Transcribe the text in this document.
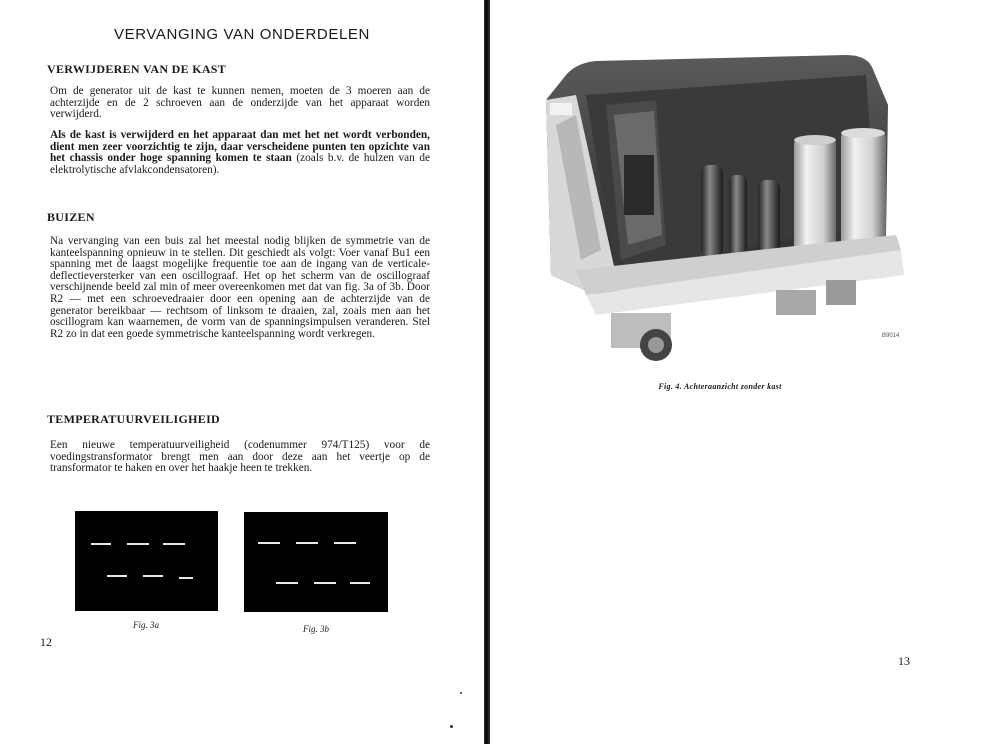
VERVANGING VAN ONDERDELEN
VERWIJDEREN VAN DE KAST
Om de generator uit de kast te kunnen nemen, moeten de 3 moeren aan de achterzijde en de 2 schroeven aan de onderzijde van het apparaat worden verwijderd.
Als de kast is verwijderd en het apparaat dan met het net wordt verbonden, dient men zeer voorzichtig te zijn, daar verscheidene punten ten opzichte van het chassis onder hoge spanning komen te staan (zoals b.v. de hulzen van de elektrolytische afvlakcondensatoren).
BUIZEN
Na vervanging van een buis zal het meestal nodig blijken de symmetrie van de kanteelspanning opnieuw in te stellen. Dit geschiedt als volgt: Voer vanaf Bu1 een spanning met de laagst mogelijke frequentie toe aan de ingang van de verticale-deflectieversterker van een oscillograaf. Het op het scherm van de oscillograaf verschijnende beeld zal min of meer overeenkomen met dat van fig. 3a of 3b. Door R2 — met een schroevedraaier door een opening aan de achterzijde van de generator bereikbaar — rechtsom of linksom te draaien, zal, zoals men aan het oscillogram kan waarnemen, de vorm van de spanningsimpulsen veranderen. Stel R2 zo in dat een goede symmetrische kanteelspanning wordt verkregen.
TEMPERATUURVEILIGHEID
Een nieuwe temperatuurveiligheid (codenummer 974/T125) voor de voedingstransformator brengt men aan door deze aan het veertje op de transformator te haken en over het haakje heen te trekken.
Fig. 3a	Fig. 3b
12
B9014
Fig. 4. Achteraanzicht zonder kast
13
